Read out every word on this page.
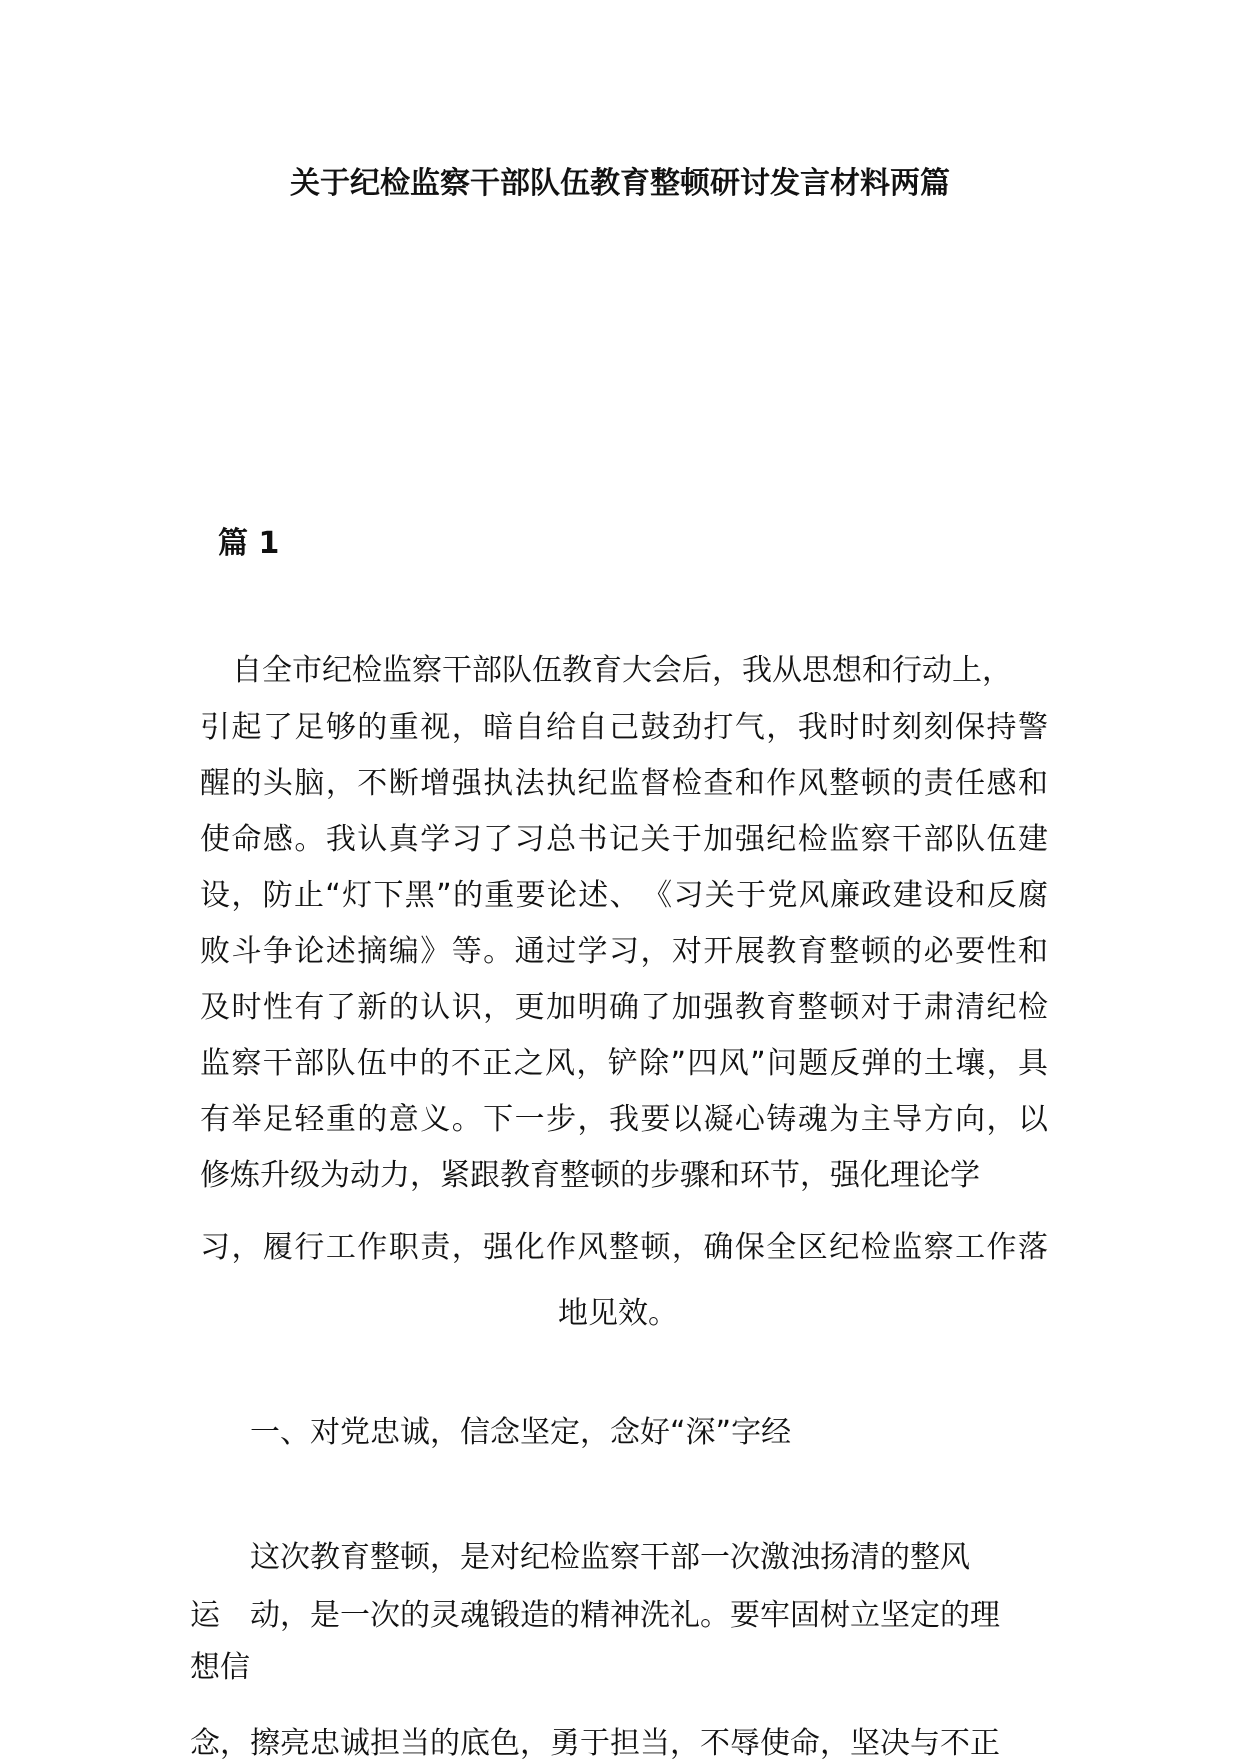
关于纪检监察干部队伍教育整顿研讨发言材料两篇
篇 1

自全市纪检监察干部队伍教育大会后，我从思想和行动上，

引起了足够的重视，暗自给自己鼓劲打气，我时时刻刻保持警

醒的头脑，不断增强执法执纪监督检查和作风整顿的责任感和

使命感。我认真学习了习总书记关于加强纪检监察干部队伍建

设，防止“灯下黑”的重要论述、　《习关于党风廉政建设和反腐

败斗争论述摘编》等。通过学习，对开展教育整顿的必要性和

及时性有了新的认识，更加明确了加强教育整顿对于肃清纪检

监察干部队伍中的不正之风，铲除”四风”问题反弹的土壤，具

有举足轻重的意义。下一步，我要以凝心铸魂为主导方向，以

修炼升级为动力，紧跟教育整顿的步骤和环节，强化理论学

习，履行工作职责，强化作风整顿，确保全区纪检监察工作落

地见效。

一、对党忠诚，信念坚定，念好“深”字经

这次教育整顿，是对纪检监察干部一次激浊扬清的整风

运　动，是一次的灵魂锻造的精神洗礼。要牢固树立坚定的理

想信

念，擦亮忠诚担当的底色，勇于担当，不辱使命，坚决与不正
